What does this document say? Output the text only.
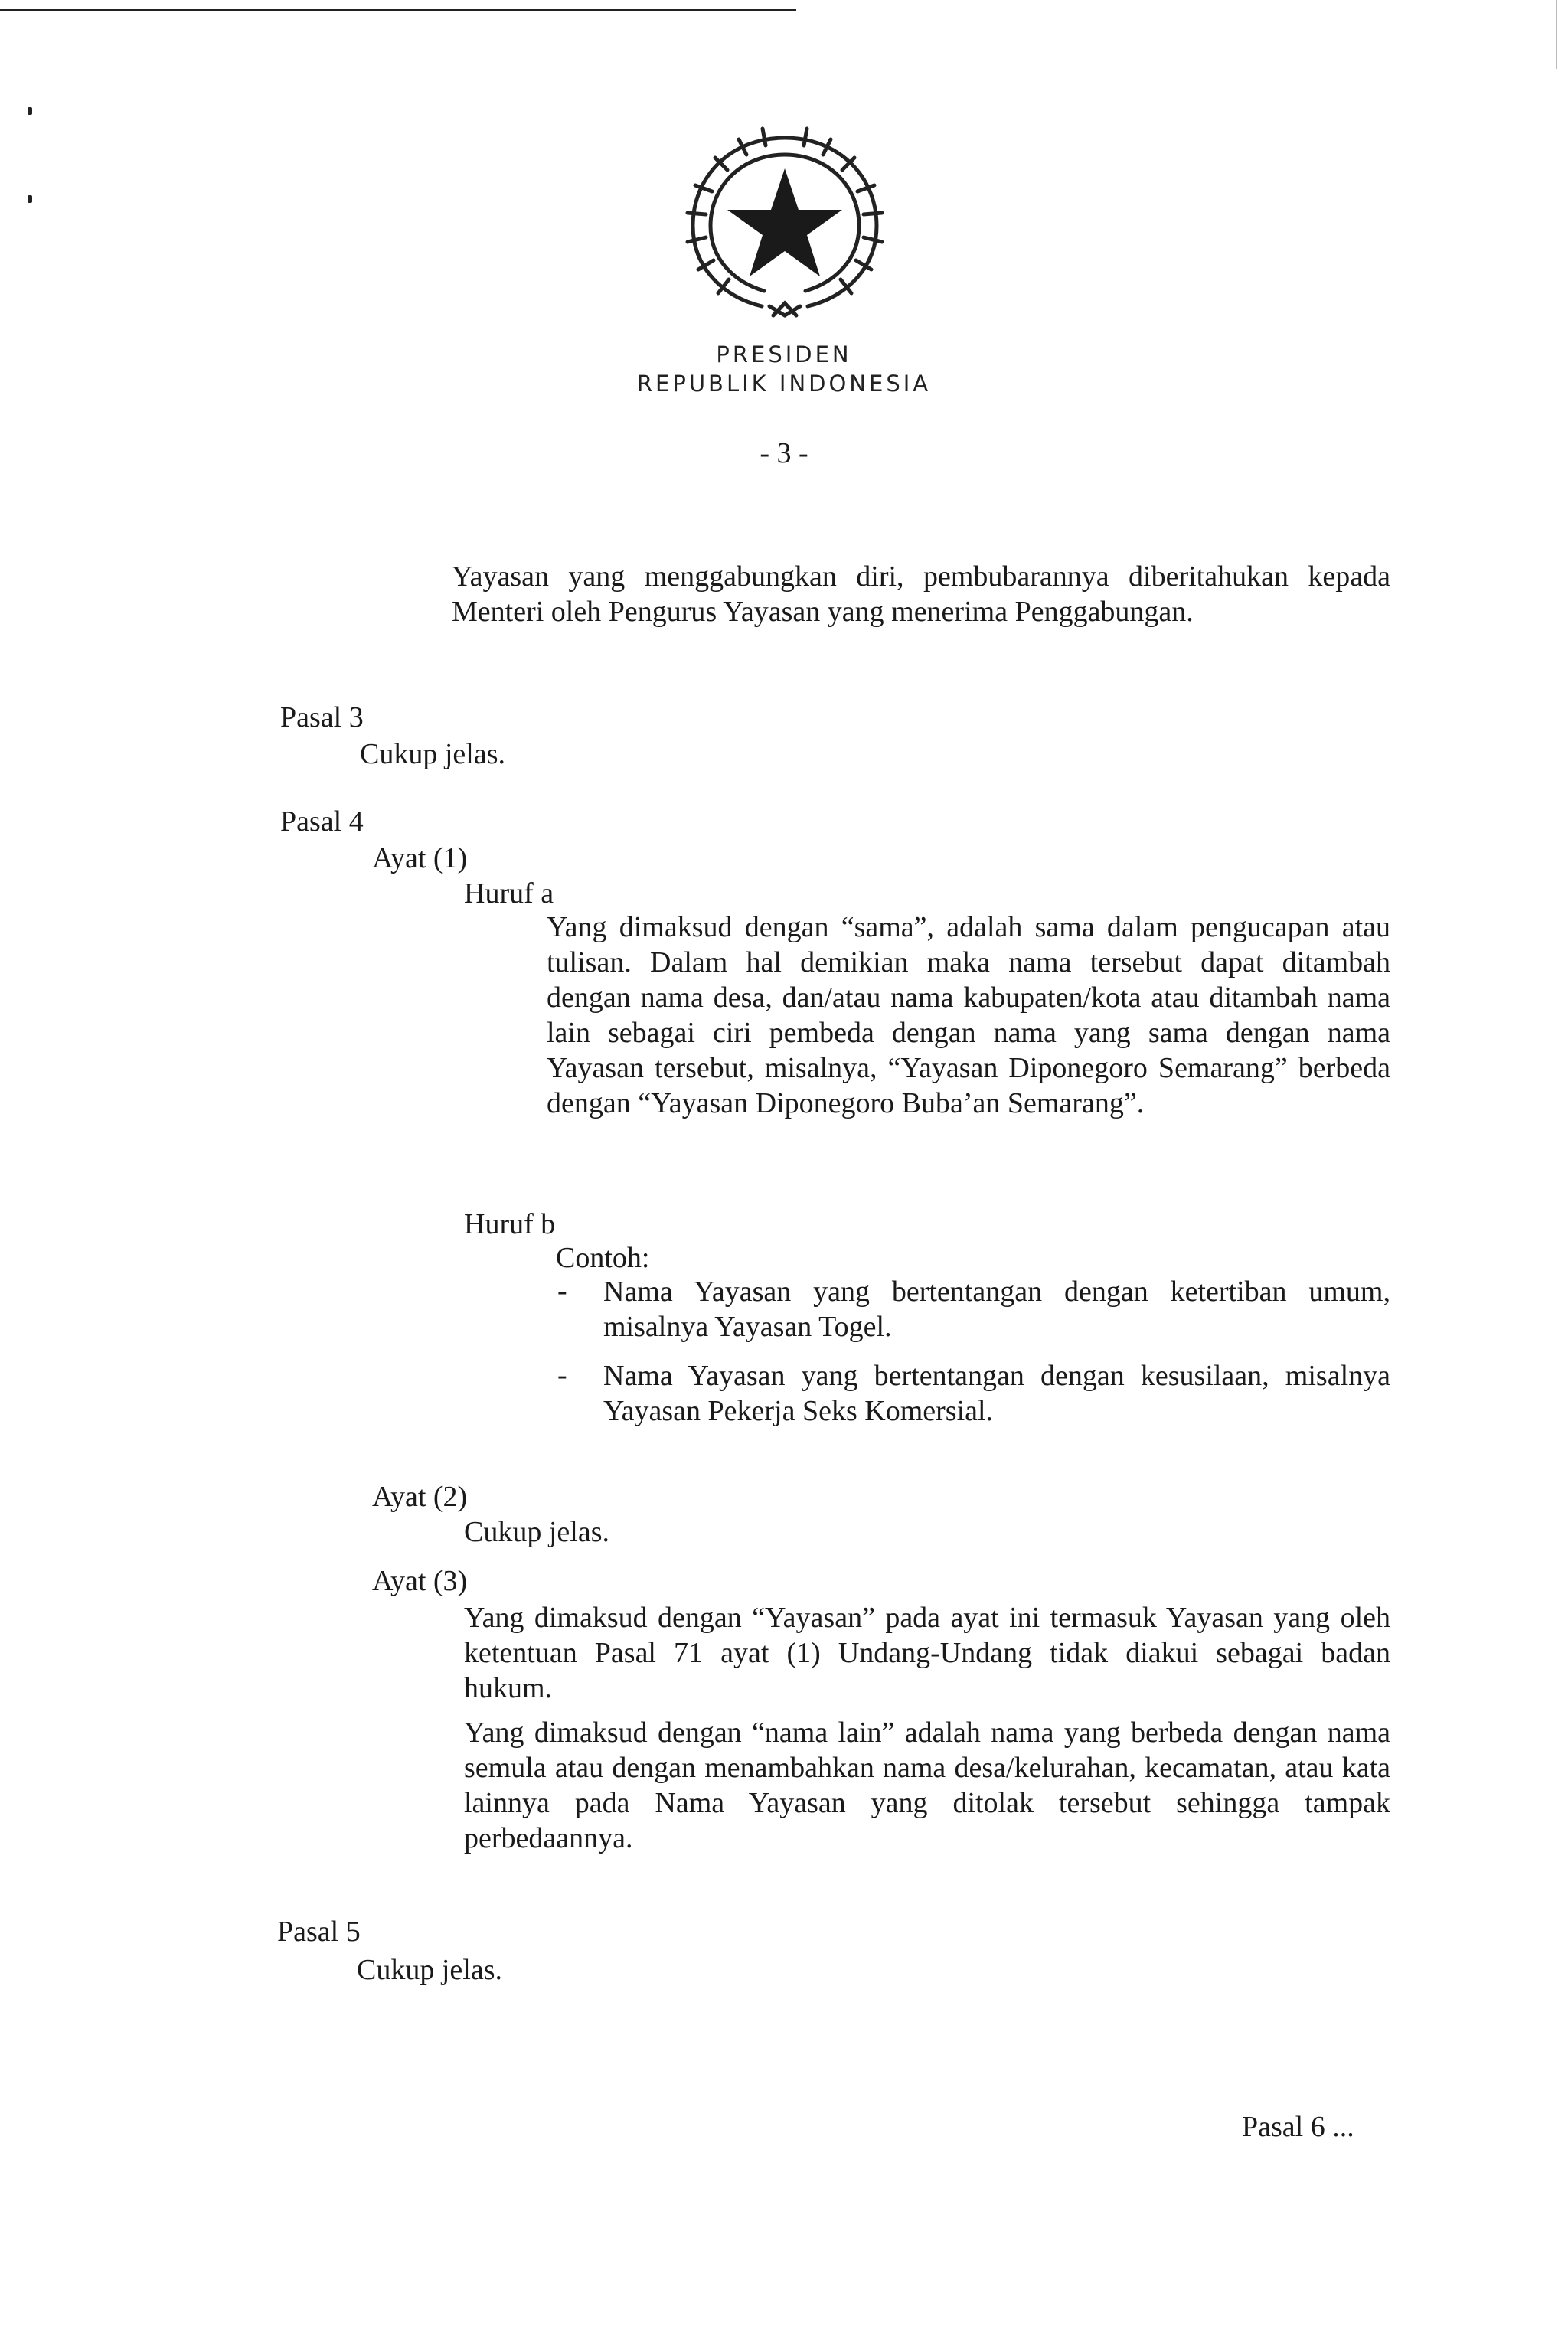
PRESIDEN
REPUBLIK INDONESIA
- 3 -
Yayasan yang menggabungkan diri, pembubarannya diberitahukan kepada Menteri oleh Pengurus Yayasan yang menerima Penggabungan.
Pasal 3
Cukup jelas.
Pasal 4
Ayat (1)
Huruf a
Yang dimaksud dengan “sama”, adalah sama dalam pengucapan atau tulisan. Dalam hal demikian maka nama tersebut dapat ditambah dengan nama desa, dan/atau nama kabupaten/kota atau ditambah nama lain sebagai ciri pembeda dengan nama yang sama dengan nama Yayasan tersebut, misalnya, “Yayasan Diponegoro Semarang” berbeda dengan “Yayasan Diponegoro Buba’an Semarang”.
Huruf b
Contoh:
- Nama Yayasan yang bertentangan dengan ketertiban umum, misalnya Yayasan Togel.
- Nama Yayasan yang bertentangan dengan kesusilaan, misalnya Yayasan Pekerja Seks Komersial.
Ayat (2)
Cukup jelas.
Ayat (3)
Yang dimaksud dengan “Yayasan” pada ayat ini termasuk Yayasan yang oleh ketentuan Pasal 71 ayat (1) Undang-Undang tidak diakui sebagai badan hukum.
Yang dimaksud dengan “nama lain” adalah nama yang berbeda dengan nama semula atau dengan menambahkan nama desa/kelurahan, kecamatan, atau kata lainnya pada Nama Yayasan yang ditolak tersebut sehingga tampak perbedaannya.
Pasal 5
Cukup jelas.
Pasal 6 ...
